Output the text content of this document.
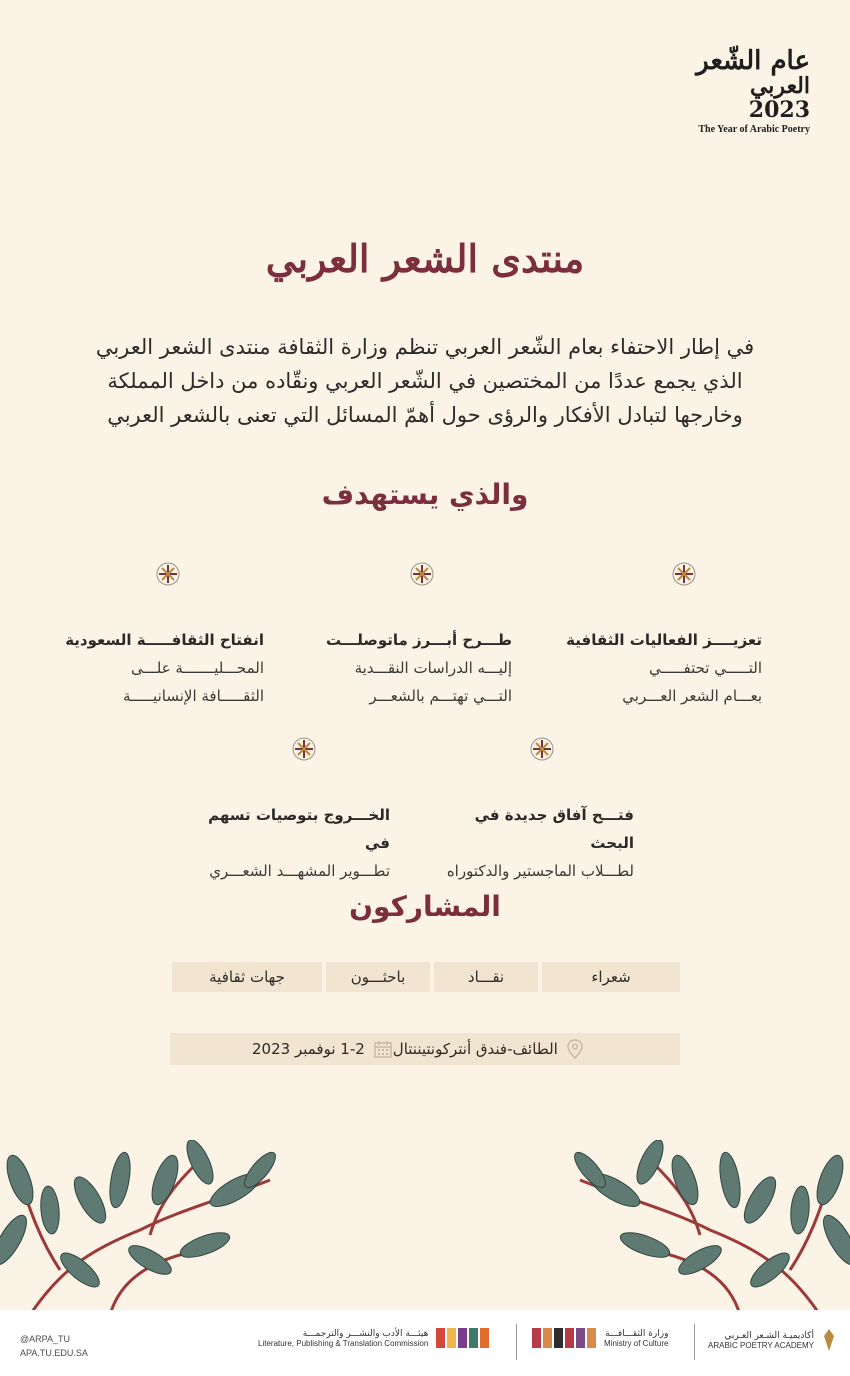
عام الشّعر
العربي 2023
The Year of Arabic Poetry
منتدى الشعر العربي
في إطار الاحتفاء بعام الشّعر العربي تنظم وزارة الثقافة منتدى الشعر العربي
الذي يجمع عددًا من المختصين في الشّعر العربي ونقّاده من داخل المملكة
وخارجها لتبادل الأفكار والرؤى حول أهمّ المسائل التي تعنى بالشعر العربي
والذي يستهدف
تعزيــــز الفعاليات الثقافية
التـــــي تحتفـــــي
بعـــام الشعر العـــربي
طـــرح أبـــرز ماتوصلـــت
إليـــه الدراسات النقـــدية
التـــي تهتـــم بالشعـــر
انفتاح الثقافـــــة السعودية
المحـــليـــــــة علـــى
الثقـــــافة الإنسانيـــــة
فتـــح آفاق جديدة في البحث
لطـــلاب الماجستير والدكتوراه
الخـــروج بتوصيات تسهم في
تطـــوير المشهـــد الشعـــري
المشاركون
شعراء
نقـــاد
باحثـــون
جهات ثقافية
1-2 نوفمبر 2023 الطائف-فندق أنتركونتيننتال
@ARPA_TU
APA.TU.EDU.SA
هيئـــة الأدب والنشـــر والترجمـــة
Literature, Publishing & Translation Commission
وزارة الثقـــافـــة
Ministry of Culture
أكاديميـة الشـعر العـربي
ARABIC POETRY ACADEMY
